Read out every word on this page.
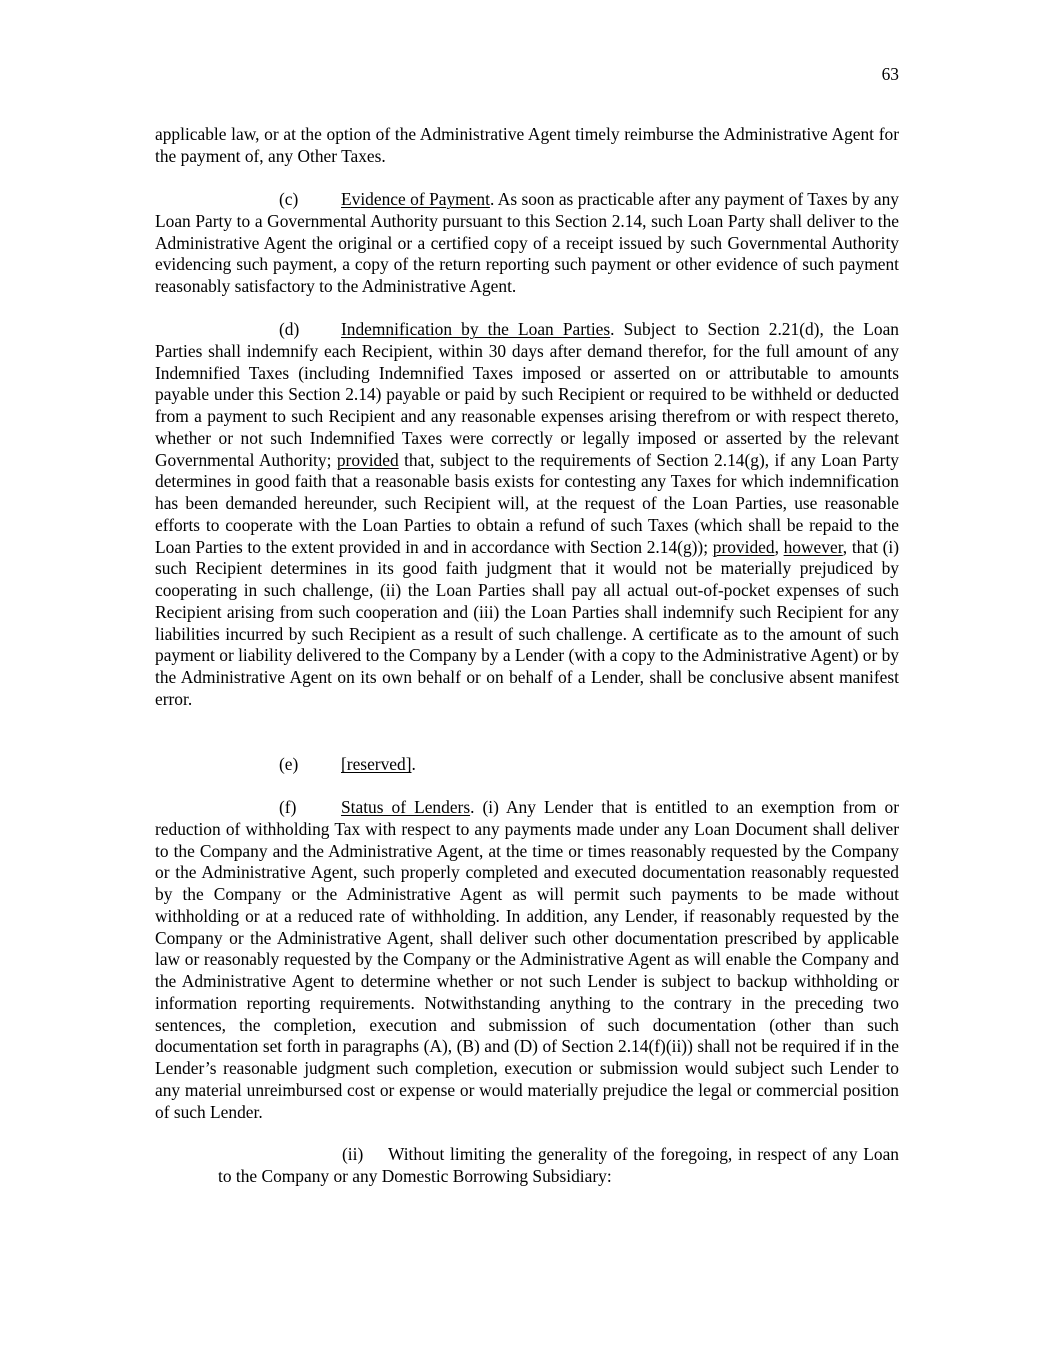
63

applicable law, or at the option of the Administrative Agent timely reimburse the Administrative Agent for the payment of, any Other Taxes.

(c) Evidence of Payment. As soon as practicable after any payment of Taxes by any Loan Party to a Governmental Authority pursuant to this Section 2.14, such Loan Party shall deliver to the Administrative Agent the original or a certified copy of a receipt issued by such Governmental Authority evidencing such payment, a copy of the return reporting such payment or other evidence of such payment reasonably satisfactory to the Administrative Agent.

(d) Indemnification by the Loan Parties. Subject to Section 2.21(d), the Loan Parties shall indemnify each Recipient, within 30 days after demand therefor, for the full amount of any Indemnified Taxes (including Indemnified Taxes imposed or asserted on or attributable to amounts payable under this Section 2.14) payable or paid by such Recipient or required to be withheld or deducted from a payment to such Recipient and any reasonable expenses arising therefrom or with respect thereto, whether or not such Indemnified Taxes were correctly or legally imposed or asserted by the relevant Governmental Authority; provided that, subject to the requirements of Section 2.14(g), if any Loan Party determines in good faith that a reasonable basis exists for contesting any Taxes for which indemnification has been demanded hereunder, such Recipient will, at the request of the Loan Parties, use reasonable efforts to cooperate with the Loan Parties to obtain a refund of such Taxes (which shall be repaid to the Loan Parties to the extent provided in and in accordance with Section 2.14(g)); provided, however, that (i) such Recipient determines in its good faith judgment that it would not be materially prejudiced by cooperating in such challenge, (ii) the Loan Parties shall pay all actual out-of-pocket expenses of such Recipient arising from such cooperation and (iii) the Loan Parties shall indemnify such Recipient for any liabilities incurred by such Recipient as a result of such challenge. A certificate as to the amount of such payment or liability delivered to the Company by a Lender (with a copy to the Administrative Agent) or by the Administrative Agent on its own behalf or on behalf of a Lender, shall be conclusive absent manifest error.

(e) [reserved].

(f)	Status of Lenders. (i) Any Lender that is entitled to an exemption from or reduction of withholding Tax with respect to any payments made under any Loan Document shall deliver to the Company and the Administrative Agent, at the time or times reasonably requested by the Company or the Administrative Agent, such properly completed and executed documentation reasonably requested by the Company or the Administrative Agent as will permit such payments to be made without withholding or at a reduced rate of withholding. In addition, any Lender, if reasonably requested by the Company or the Administrative Agent, shall deliver such other documentation prescribed by applicable law or reasonably requested by the Company or the Administrative Agent as will enable the Company and the Administrative Agent to determine whether or not such Lender is subject to backup withholding or information reporting requirements. Notwithstanding anything to the contrary in the preceding two sentences, the completion, execution and submission of such documentation (other than such documentation set forth in paragraphs (A), (B) and (D) of Section 2.14(f)(ii)) shall not be required if in the Lender’s reasonable judgment such completion, execution or submission would subject such Lender to any material unreimbursed cost or expense or would materially prejudice the legal or commercial position of such Lender.

(ii) Without limiting the generality of the foregoing, in respect of any Loan to the Company or any Domestic Borrowing Subsidiary:
